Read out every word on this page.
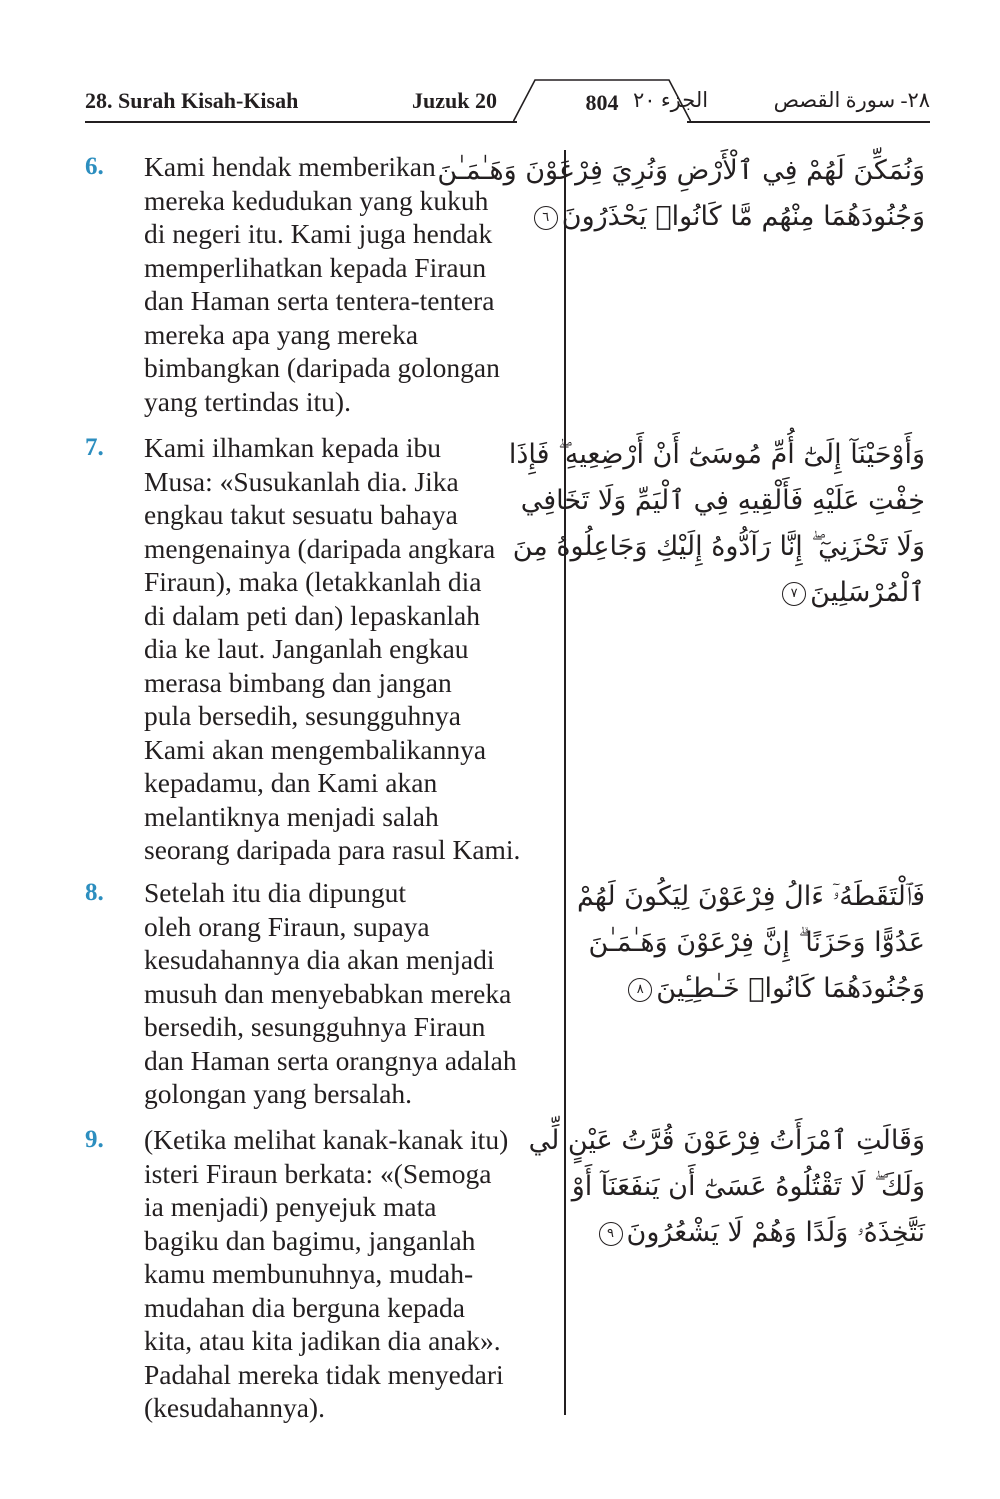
28. Surah Kisah-Kisah	Juzuk 20	804 الجزء ٢٠	٢٨- سورة القصص
6. Kami hendak memberikan
mereka kedudukan yang kukuh
di negeri itu. Kami juga hendak
memperlihatkan kepada Firaun
dan Haman serta tentera-tentera
mereka apa yang mereka
bimbangkan (daripada golongan
yang tertindas itu).
وَنُمَكِّنَ لَهُمْ فِي ٱلْأَرْضِ وَنُرِيَ فِرْعَوْنَ وَهَـٰمَـٰنَ
وَجُنُودَهُمَا مِنْهُم مَّا كَانُوا۟ يَحْذَرُونَ٦
7. Kami ilhamkan kepada ibu
Musa: «Susukanlah dia. Jika
engkau takut sesuatu bahaya
mengenainya (daripada angkara
Firaun), maka (letakkanlah dia
di dalam peti dan) lepaskanlah
dia ke laut. Janganlah engkau
merasa bimbang dan jangan
pula bersedih, sesungguhnya
Kami akan mengembalikannya
kepadamu, dan Kami akan
melantiknya menjadi salah
seorang daripada para rasul Kami.
وَأَوْحَيْنَآ إِلَىٰٓ أُمِّ مُوسَىٰٓ أَنْ أَرْضِعِيهِ ۖ فَإِذَا
خِفْتِ عَلَيْهِ فَأَلْقِيهِ فِي ٱلْيَمِّ وَلَا تَخَافِي
وَلَا تَحْزَنِيٓ ۖ إِنَّا رَآدُّوهُ إِلَيْكِ وَجَاعِلُوهُ مِنَ
ٱلْمُرْسَلِينَ٧
8. Setelah itu dia dipungut
oleh orang Firaun, supaya
kesudahannya dia akan menjadi
musuh dan menyebabkan mereka
bersedih, sesungguhnya Firaun
dan Haman serta orangnya adalah
golongan yang bersalah.
فَٱلْتَقَطَهُۥٓ ءَالُ فِرْعَوْنَ لِيَكُونَ لَهُمْ
عَدُوًّا وَحَزَنًا ۗ إِنَّ فِرْعَوْنَ وَهَـٰمَـٰنَ
وَجُنُودَهُمَا كَانُوا۟ خَـٰطِـِٔينَ٨
9. (Ketika melihat kanak-kanak itu)
isteri Firaun berkata: «(Semoga
ia menjadi) penyejuk mata
bagiku dan bagimu, janganlah
kamu membunuhnya, mudah-
mudahan dia berguna kepada
kita, atau kita jadikan dia anak».
Padahal mereka tidak menyedari
(kesudahannya).
وَقَالَتِ ٱمْرَأَتُ فِرْعَوْنَ قُرَّتُ عَيْنٍ لِّي
وَلَكَ ۖ لَا تَقْتُلُوهُ عَسَىٰٓ أَن يَنفَعَنَآ أَوْ
نَتَّخِذَهُۥ وَلَدًا وَهُمْ لَا يَشْعُرُونَ٩
